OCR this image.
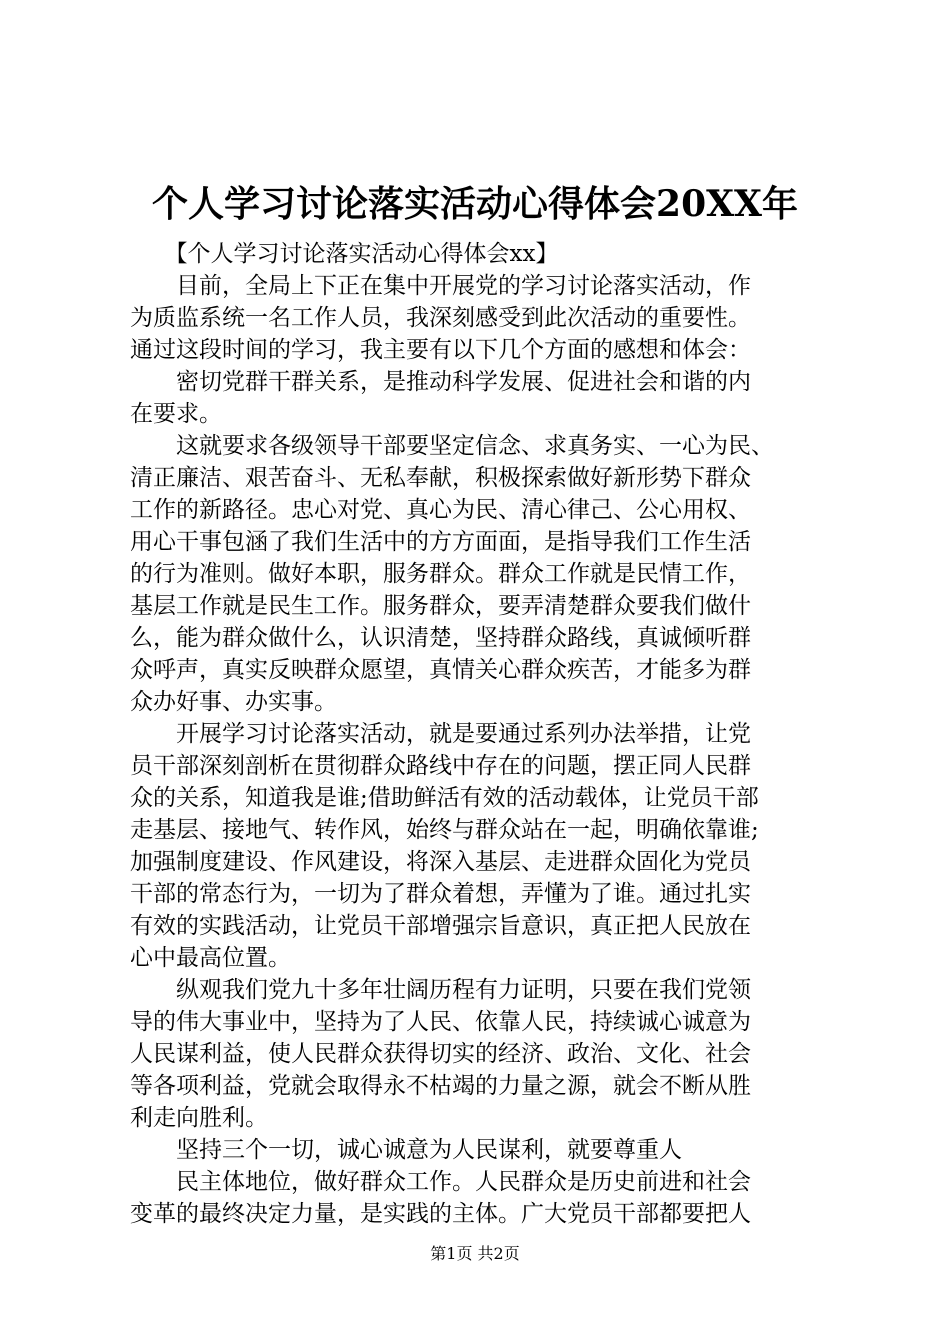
个人学习讨论落实活动心得体会20XX年
　　【个人学习讨论落实活动心得体会xx】
　　目前，全局上下正在集中开展党的学习讨论落实活动，作
为质监系统一名工作人员，我深刻感受到此次活动的重要性。
通过这段时间的学习，我主要有以下几个方面的感想和体会：
　　密切党群干群关系，是推动科学发展、促进社会和谐的内
在要求。
　　这就要求各级领导干部要坚定信念、求真务实、一心为民、
清正廉洁、艰苦奋斗、无私奉献，积极探索做好新形势下群众
工作的新路径。忠心对党、真心为民、清心律己、公心用权、
用心干事包涵了我们生活中的方方面面，是指导我们工作生活
的行为准则。做好本职，服务群众。群众工作就是民情工作，
基层工作就是民生工作。服务群众，要弄清楚群众要我们做什
么，能为群众做什么，认识清楚，坚持群众路线，真诚倾听群
众呼声，真实反映群众愿望，真情关心群众疾苦，才能多为群
众办好事、办实事。
　　开展学习讨论落实活动，就是要通过系列办法举措，让党
员干部深刻剖析在贯彻群众路线中存在的问题，摆正同人民群
众的关系，知道我是谁;借助鲜活有效的活动载体，让党员干部
走基层、接地气、转作风，始终与群众站在一起，明确依靠谁;
加强制度建设、作风建设，将深入基层、走进群众固化为党员
干部的常态行为，一切为了群众着想，弄懂为了谁。通过扎实
有效的实践活动，让党员干部增强宗旨意识，真正把人民放在
心中最高位置。
　　纵观我们党九十多年壮阔历程有力证明，只要在我们党领
导的伟大事业中，坚持为了人民、依靠人民，持续诚心诚意为
人民谋利益，使人民群众获得切实的经济、政治、文化、社会
等各项利益，党就会取得永不枯竭的力量之源，就会不断从胜
利走向胜利。
　　坚持三个一切，诚心诚意为人民谋利，就要尊重人
　　民主体地位，做好群众工作。人民群众是历史前进和社会
变革的最终决定力量，是实践的主体。广大党员干部都要把人
第1页 共2页
